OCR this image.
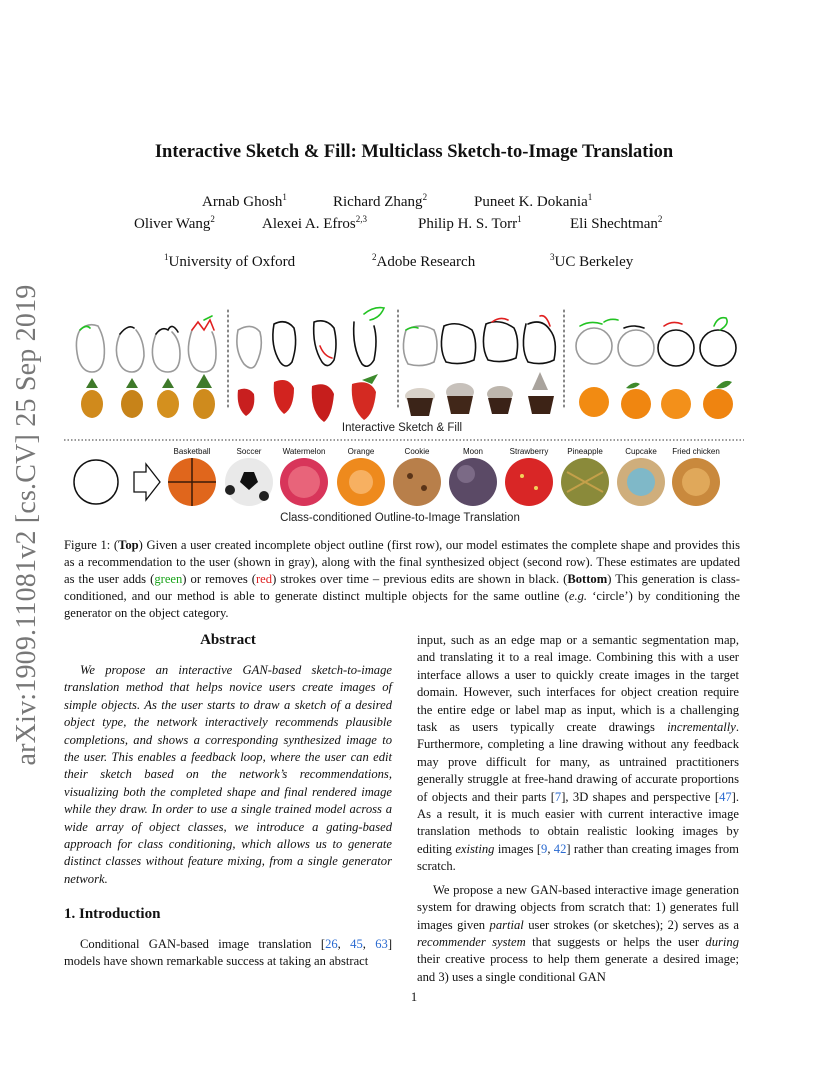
arXiv:1909.11081v2 [cs.CV] 25 Sep 2019
Interactive Sketch & Fill: Multiclass Sketch-to-Image Translation
Arnab Ghosh$^1$	Richard Zhang$^2$	Puneet K. Dokania$^1$
Oliver Wang$^2$	Alexei A. Efros$^{2,3}$	Philip H. S. Torr$^1$	Eli Shechtman$^2$
$^1$University of Oxford	$^2$Adobe Research	$^3$UC Berkeley
Interactive Sketch & Fill
Basketball	Soccer	Watermelon	Orange	Cookie	Moon	Strawberry Pineapple	Cupcake Fried chicken
Class-conditioned Outline-to-Image Translation
Figure 1: (Top) Given a user created incomplete object outline (first row), our model estimates the complete shape and provides this as a recommendation to the user (shown in gray), along with the final synthesized object (second row). These estimates are updated as the user adds (green) or removes (red) strokes over time – previous edits are shown in black. (Bottom) This generation is class-conditioned, and our method is able to generate distinct multiple objects for the same outline (e.g. ‘circle’) by conditioning the generator on the object category.
Abstract

We propose an interactive GAN-based sketch-to-image translation method that helps novice users create images of simple objects. As the user starts to draw a sketch of a desired object type, the network interactively recommends plausible completions, and shows a corresponding synthesized image to the user. This enables a feedback loop, where the user can edit their sketch based on the network’s recommendations, visualizing both the completed shape and final rendered image while they draw. In order to use a single trained model across a wide array of object classes, we introduce a gating-based approach for class conditioning, which allows us to generate distinct classes without feature mixing, from a single generator network.

1. Introduction

Conditional GAN-based image translation [26, 45, 63] models have shown remarkable success at taking an abstract

input, such as an edge map or a semantic segmentation map, and translating it to a real image. Combining this with a user interface allows a user to quickly create images in the target domain. However, such interfaces for object creation require the entire edge or label map as input, which is a challenging task as users typically create drawings incrementally. Furthermore, completing a line drawing without any feedback may prove difficult for many, as untrained practitioners generally struggle at free-hand drawing of accurate proportions of objects and their parts [7], 3D shapes and perspective [47]. As a result, it is much easier with current interactive image translation methods to obtain realistic looking images by editing existing images [9, 42] rather than creating images from scratch.

We propose a new GAN-based interactive image generation system for drawing objects from scratch that: 1) generates full images given partial user strokes (or sketches); 2) serves as a recommender system that suggests or helps the user during their creative process to help them generate a desired image; and 3) uses a single conditional GAN

1
